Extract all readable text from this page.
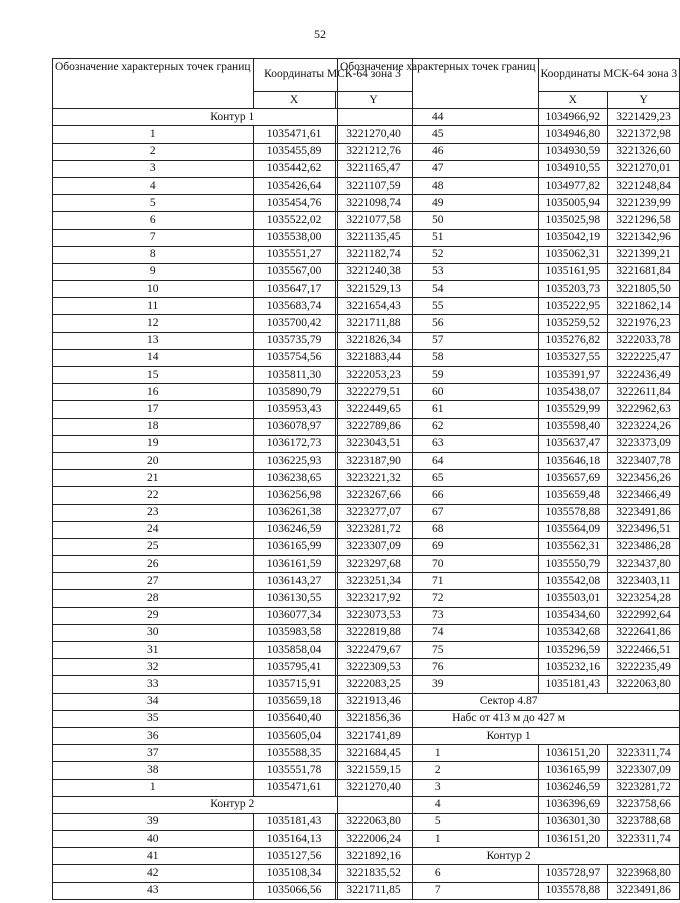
52
Обозначение характерных точек границ	Координаты МСК-64 зона 3	
	X	Y
Контур 1		
1	1035471,61	3221270,40
2	1035455,89	3221212,76
3	1035442,62	3221165,47
4	1035426,64	3221107,59
5	1035454,76	3221098,74
6	1035522,02	3221077,58
7	1035538,00	3221135,45
8	1035551,27	3221182,74
9	1035567,00	3221240,38
10	1035647,17	3221529,13
11	1035683,74	3221654,43
12	1035700,42	3221711,88
13	1035735,79	3221826,34
14	1035754,56	3221883,44
15	1035811,30	3222053,23
16	1035890,79	3222279,51
17	1035953,43	3222449,65
18	1036078,97	3222789,86
19	1036172,73	3223043,51
20	1036225,93	3223187,90
21	1036238,65	3223221,32
22	1036256,98	3223267,66
23	1036261,38	3223277,07
24	1036246,59	3223281,72
25	1036165,99	3223307,09
26	1036161,59	3223297,68
27	1036143,27	3223251,34
28	1036130,55	3223217,92
29	1036077,34	3223073,53
30	1035983,58	3222819,88
31	1035858,04	3222479,67
32	1035795,41	3222309,53
33	1035715,91	3222083,25
34	1035659,18	3221913,46
35	1035640,40	3221856,36
36	1035605,04	3221741,89
37	1035588,35	3221684,45
38	1035551,78	3221559,15
1	1035471,61	3221270,40
Контур 2		
39	1035181,43	3222063,80
40	1035164,13	3222006,24
41	1035127,56	3221892,16
42	1035108,34	3221835,52
43	1035066,56	3221711,85
Обозначение характерных точек границ	Координаты МСК-64 зона 3	
	X	Y
44	1034966,92	3221429,23
45	1034946,80	3221372,98
46	1034930,59	3221326,60
47	1034910,55	3221270,01
48	1034977,82	3221248,84
49	1035005,94	3221239,99
50	1035025,98	3221296,58
51	1035042,19	3221342,96
52	1035062,31	3221399,21
53	1035161,95	3221681,84
54	1035203,73	3221805,50
55	1035222,95	3221862,14
56	1035259,52	3221976,23
57	1035276,82	3222033,78
58	1035327,55	3222225,47
59	1035391,97	3222436,49
60	1035438,07	3222611,84
61	1035529,99	3222962,63
62	1035598,40	3223224,26
63	1035637,47	3223373,09
64	1035646,18	3223407,78
65	1035657,69	3223456,26
66	1035659,48	3223466,49
67	1035578,88	3223491,86
68	1035564,09	3223496,51
69	1035562,31	3223486,28
70	1035550,79	3223437,80
71	1035542,08	3223403,11
72	1035503,01	3223254,28
73	1035434,60	3222992,64
74	1035342,68	3222641,86
75	1035296,59	3222466,51
76	1035232,16	3222235,49
39	1035181,43	3222063,80
Сектор 4.87		
Набс от 413 м до 427 м		
Контур 1		
1	1036151,20	3223311,74
2	1036165,99	3223307,09
3	1036246,59	3223281,72
4	1036396,69	3223758,66
5	1036301,30	3223788,68
1	1036151,20	3223311,74
Контур 2		
6	1035728,97	3223968,80
7	1035578,88	3223491,86
